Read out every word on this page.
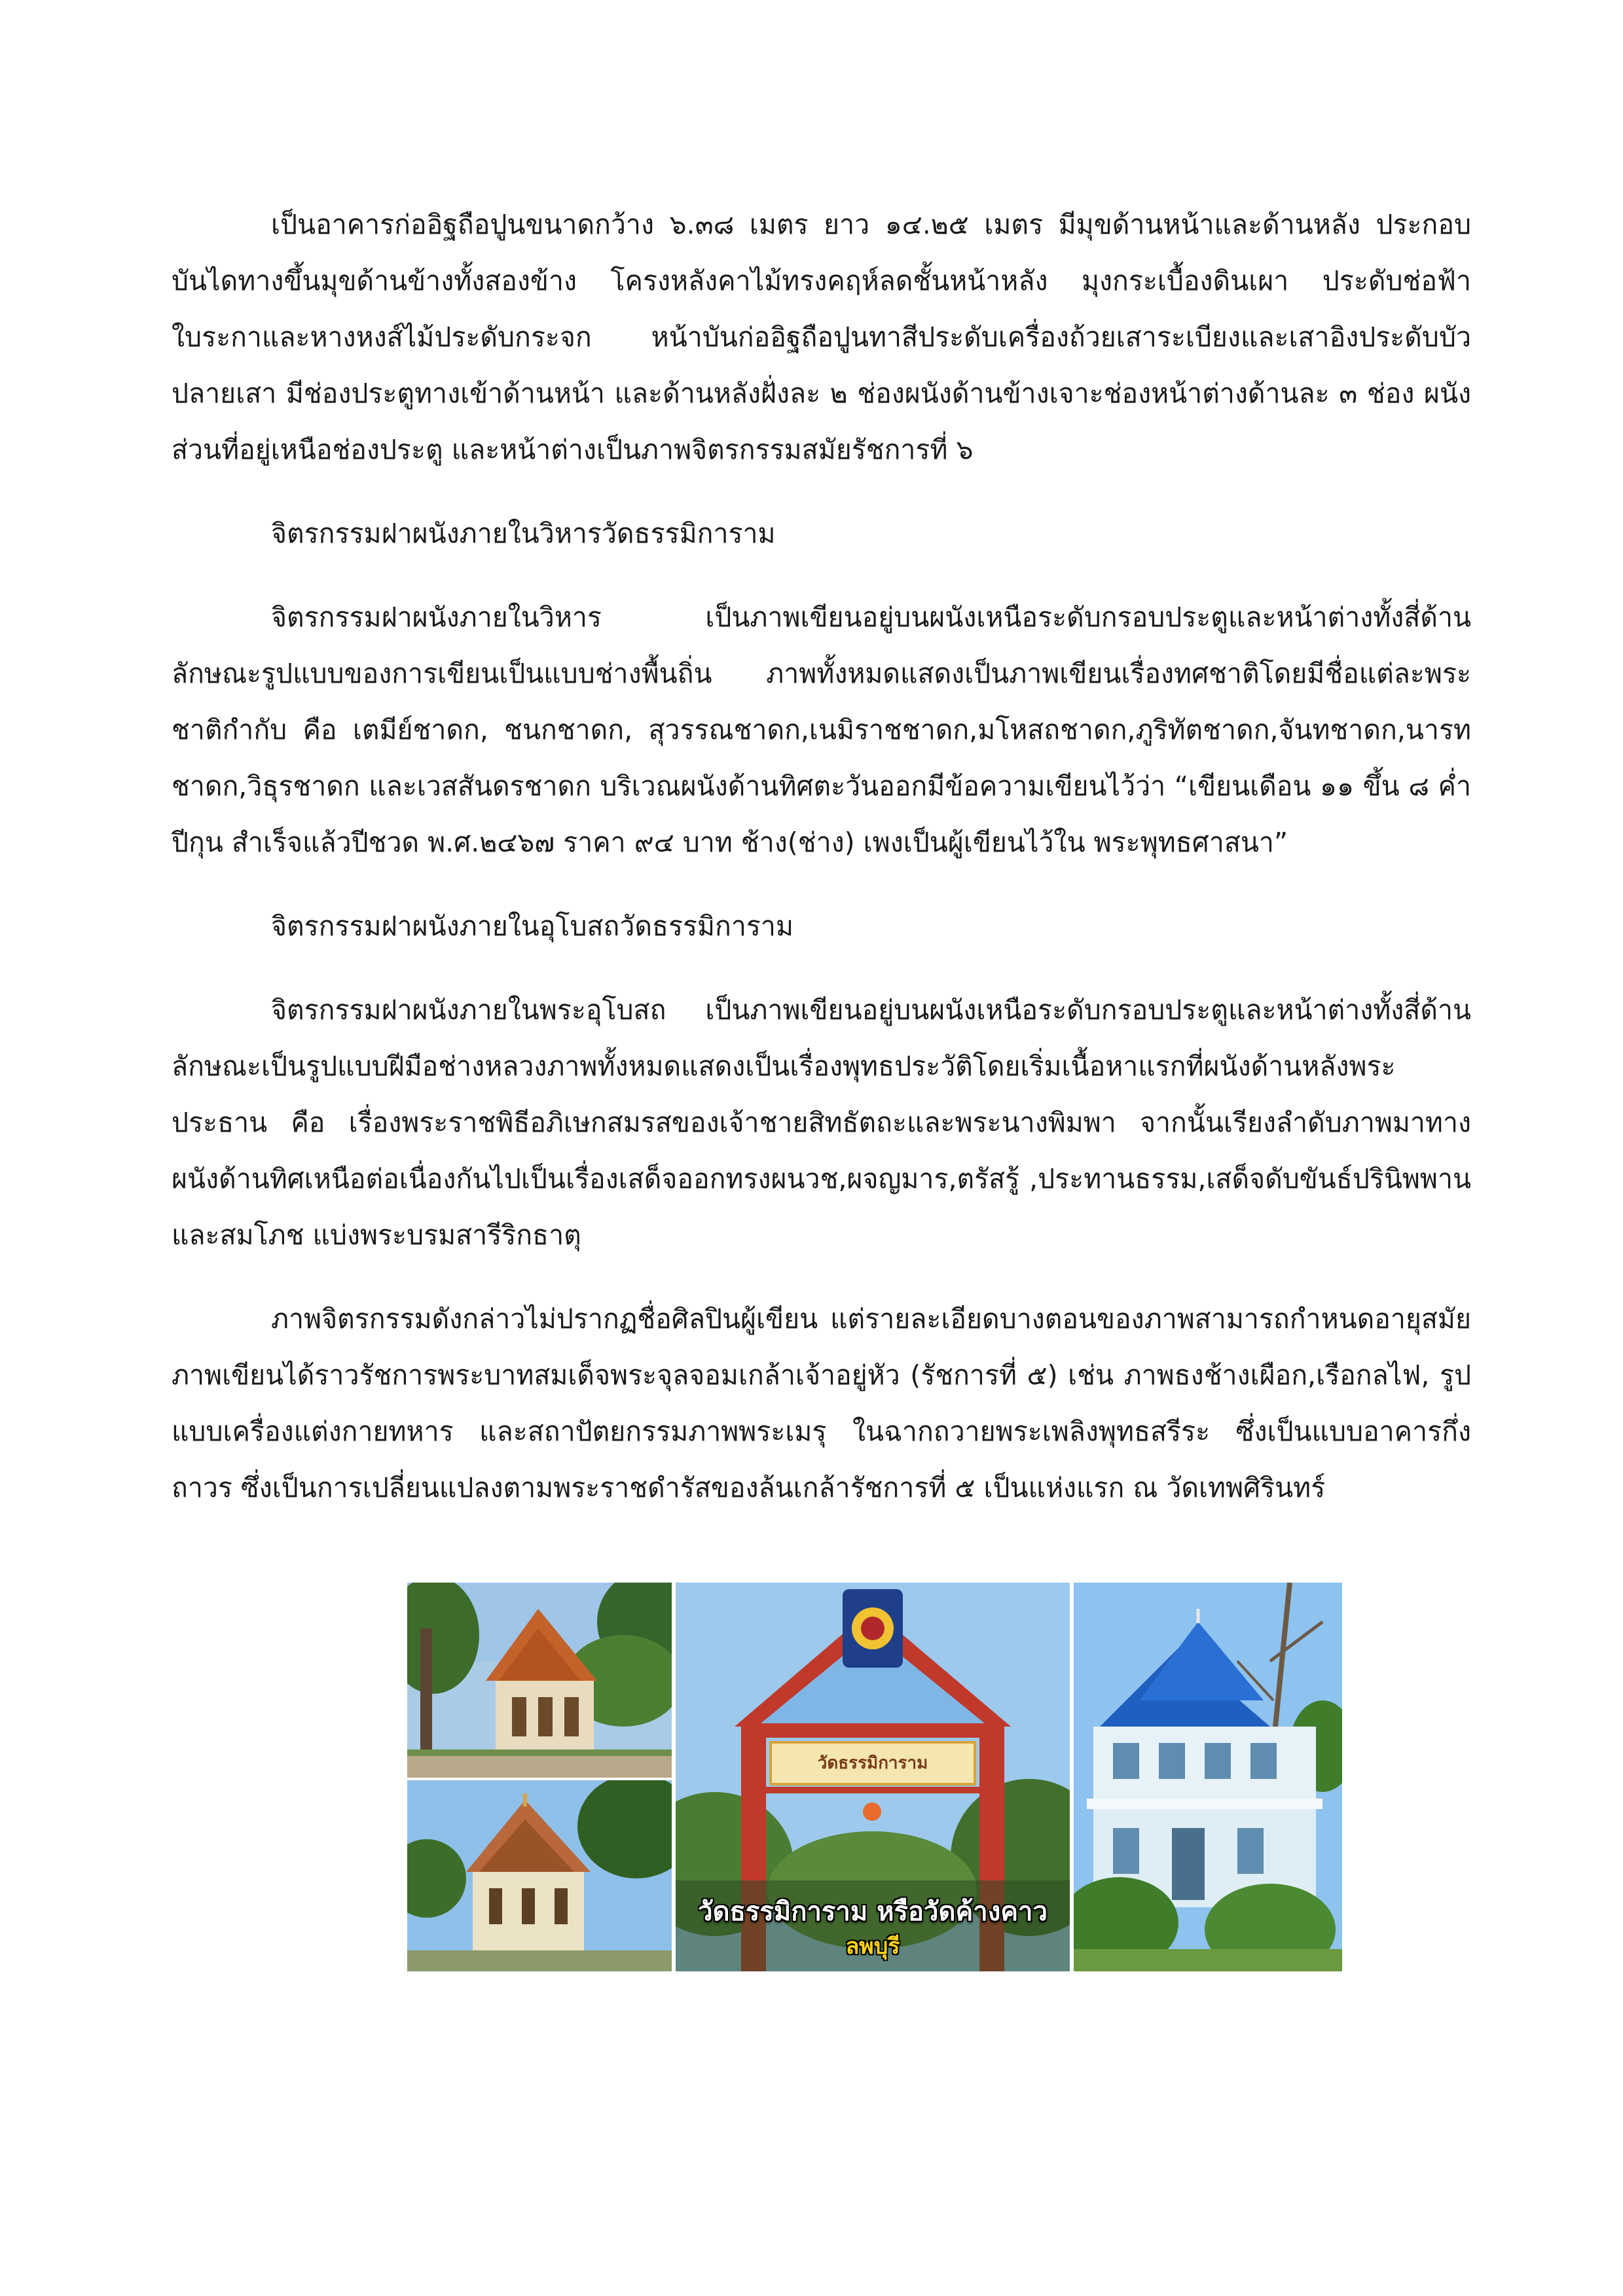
เป็นอาคารก่ออิฐถือปูนขนาดกว้าง ๖.๓๘ เมตร ยาว ๑๔.๒๕ เมตร มีมุขด้านหน้าและด้านหลัง ประกอบบันไดทางขึ้นมุขด้านข้างทั้งสองข้าง โครงหลังคาไม้ทรงคฤห์ลดชั้นหน้าหลัง มุงกระเบื้องดินเผา ประดับช่อฟ้า ใบระกาและหางหงส์ไม้ประดับกระจก หน้าบันก่ออิฐถือปูนทาสีประดับเครื่องถ้วยเสาระเบียงและเสาอิงประดับบัวปลายเสา มีช่องประตูทางเข้าด้านหน้า และด้านหลังฝั่งละ ๒ ช่องผนังด้านข้างเจาะช่องหน้าต่างด้านละ ๓ ช่อง ผนังส่วนที่อยู่เหนือช่องประตู และหน้าต่างเป็นภาพจิตรกรรมสมัยรัชการที่ ๖

จิตรกรรมฝาผนังภายในวิหารวัดธรรมิการาม

จิตรกรรมฝาผนังภายในวิหาร เป็นภาพเขียนอยู่บนผนังเหนือระดับกรอบประตูและหน้าต่างทั้งสี่ด้าน ลักษณะรูปแบบของการเขียนเป็นแบบช่างพื้นถิ่น ภาพทั้งหมดแสดงเป็นภาพเขียนเรื่องทศชาติโดยมีชื่อแต่ละพระชาติกำกับ คือ เตมีย์ชาดก, ชนกชาดก, สุวรรณชาดก,เนมิราชชาดก,มโหสถชาดก,ภูริทัตชาดก,จันทชาดก,นารทชาดก,วิธุรชาดก และเวสสันดรชาดก บริเวณผนังด้านทิศตะวันออกมีข้อความเขียนไว้ว่า “เขียนเดือน ๑๑ ขึ้น ๘ ค่ำ ปีกุน สำเร็จแล้วปีชวด พ.ศ.๒๔๖๗ ราคา ๙๔ บาท ช้าง(ช่าง) เพงเป็นผู้เขียนไว้ใน พระพุทธศาสนา”

จิตรกรรมฝาผนังภายในอุโบสถวัดธรรมิการาม

จิตรกรรมฝาผนังภายในพระอุโบสถ เป็นภาพเขียนอยู่บนผนังเหนือระดับกรอบประตูและหน้าต่างทั้งสี่ด้าน ลักษณะเป็นรูปแบบฝีมือช่างหลวงภาพทั้งหมดแสดงเป็นเรื่องพุทธประวัติโดยเริ่มเนื้อหาแรกที่ผนังด้านหลังพระประธาน คือ เรื่องพระราชพิธีอภิเษกสมรสของเจ้าชายสิทธัตถะและพระนางพิมพา จากนั้นเรียงลำดับภาพมาทางผนังด้านทิศเหนือต่อเนื่องกันไปเป็นเรื่องเสด็จออกทรงผนวช,ผจญมาร,ตรัสรู้ ,ประทานธรรม,เสด็จดับขันธ์ปรินิพพานและสมโภช แบ่งพระบรมสารีริกธาตุ

ภาพจิตรกรรมดังกล่าวไม่ปรากฏชื่อศิลปินผู้เขียน แต่รายละเอียดบางตอนของภาพสามารถกำหนดอายุสมัยภาพเขียนได้ราวรัชการพระบาทสมเด็จพระจุลจอมเกล้าเจ้าอยู่หัว (รัชการที่ ๕) เช่น ภาพธงช้างเผือก,เรือกลไฟ, รูปแบบเครื่องแต่งกายทหาร และสถาปัตยกรรมภาพพระเมรุ ในฉากถวายพระเพลิงพุทธสรีระ ซึ่งเป็นแบบอาคารกึ่งถาวร ซึ่งเป็นการเปลี่ยนแปลงตามพระราชดำรัสของล้นเกล้ารัชการที่ ๕ เป็นแห่งแรก ณ วัดเทพศิรินทร์

วัดธรรมิการาม
วัดธรรมิการาม หรือวัดค้างคาว
ลพบุรี
